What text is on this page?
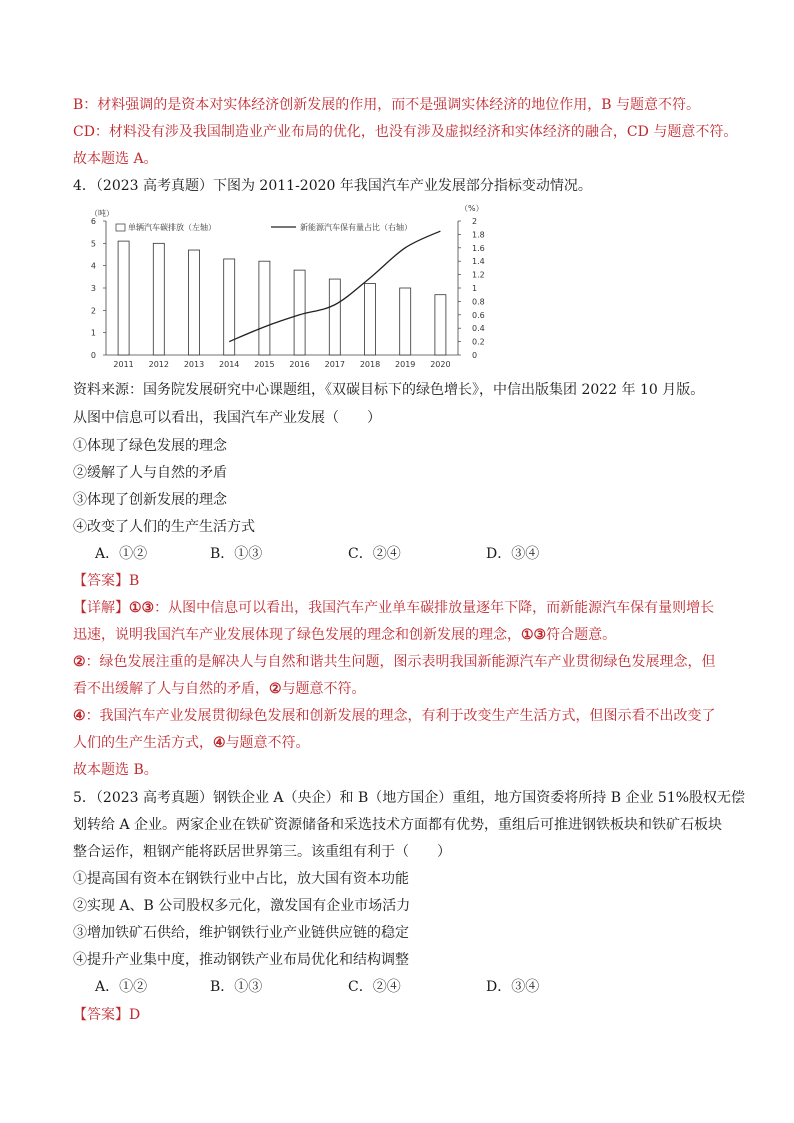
B：材料强调的是资本对实体经济创新发展的作用，而不是强调实体经济的地位作用，B 与题意不符。
CD：材料没有涉及我国制造业产业布局的优化，也没有涉及虚拟经济和实体经济的融合，CD 与题意不符。
故本题选 A。
4．（2023 高考真题）下图为 2011-2020 年我国汽车产业发展部分指标变动情况。
0
1
2
3
4
5
6
0
0.2
0.4
0.6
0.8
1
1.2
1.4
1.6
1.8
2
（吨）
（%）
2011 2012 2013 2014 2015 2016 2017 2018 2019 2020
单辆汽车碳排放（左轴）	新能源汽车保有量占比（右轴）
资料来源：国务院发展研究中心课题组，《双碳目标下的绿色增长》，中信出版集团 2022 年 10 月版。
从图中信息可以看出，我国汽车产业发展（　　）
①体现了绿色发展的理念
②缓解了人与自然的矛盾
③体现了创新发展的理念
④改变了人们的生产生活方式
A．①②	B．①③	C．②④	D．③④
【答案】B
【详解】①③：从图中信息可以看出，我国汽车产业单车碳排放量逐年下降，而新能源汽车保有量则增长
迅速，说明我国汽车产业发展体现了绿色发展的理念和创新发展的理念，①③符合题意。
②：绿色发展注重的是解决人与自然和谐共生问题，图示表明我国新能源汽车产业贯彻绿色发展理念，但
看不出缓解了人与自然的矛盾，②与题意不符。
④：我国汽车产业发展贯彻绿色发展和创新发展的理念，有利于改变生产生活方式，但图示看不出改变了
人们的生产生活方式，④与题意不符。
故本题选 B。
5．（2023 高考真题）钢铁企业 A（央企）和 B（地方国企）重组，地方国资委将所持 B 企业 51%股权无偿
划转给 A 企业。两家企业在铁矿资源储备和采选技术方面都有优势，重组后可推进钢铁板块和铁矿石板块
整合运作，粗钢产能将跃居世界第三。该重组有利于（　　）
①提高国有资本在钢铁行业中占比，放大国有资本功能
②实现 A、B 公司股权多元化，激发国有企业市场活力
③增加铁矿石供给，维护钢铁行业产业链供应链的稳定
④提升产业集中度，推动钢铁产业布局优化和结构调整
A．①②	B．①③	C．②④	D．③④
【答案】D
